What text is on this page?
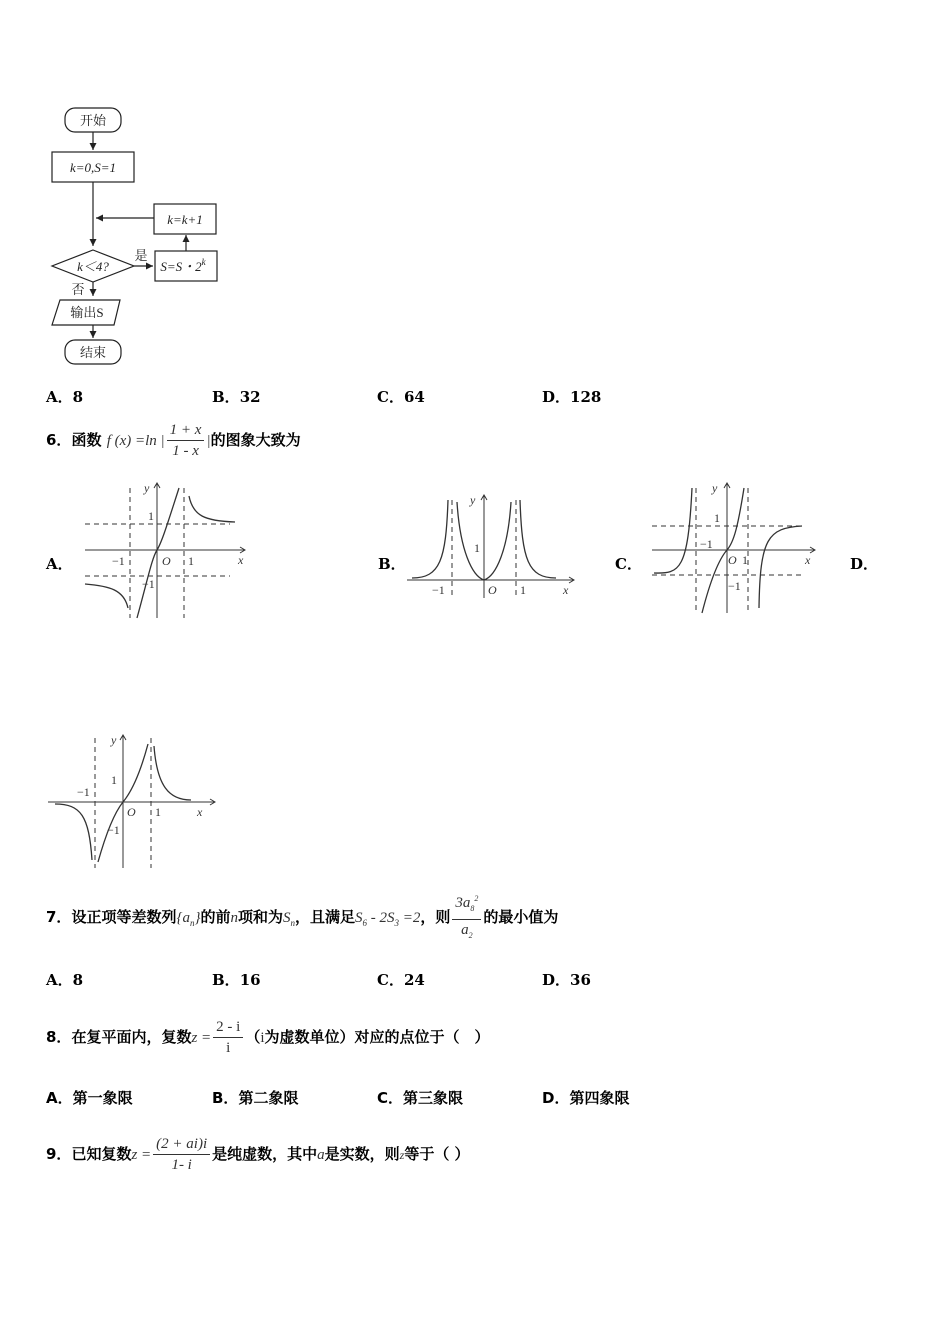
开始
k=0,S=1
k=k+1
k＜4?
是
否
S=S・2$^k$
输出S
结束
A．8	B．32	C．64	D．128
6．函数 f (x) =ln | $\frac{1 + x}{1 - x}$ |的图象大致为
A．	B．	C．	D．
y
x
O 1
1
−1
−1
y
x
O 1
1
−1
y
x
O 1
1
−1
−1
y
x
O 1
1
−1
−1
7．设正项等差数列$\{a_n\}$的前n项和为$S_n$，且满足$S_6 - 2S_3 =2$，则 $\frac{3a_8^2}{a_2}$ 的最小值为
A．8	B．16	C．24	D．36
8．在复平面内，复数$z = \frac{2 - i}{i} (i$为虚数单位）对应的点位于（　）
A．第一象限	B．第二象限	C．第三象限	D．第四象限
9．已知复数$z = \frac{(2 + ai)i}{1- i}$ 是纯虚数，其中a是实数，则z等于（ ）
